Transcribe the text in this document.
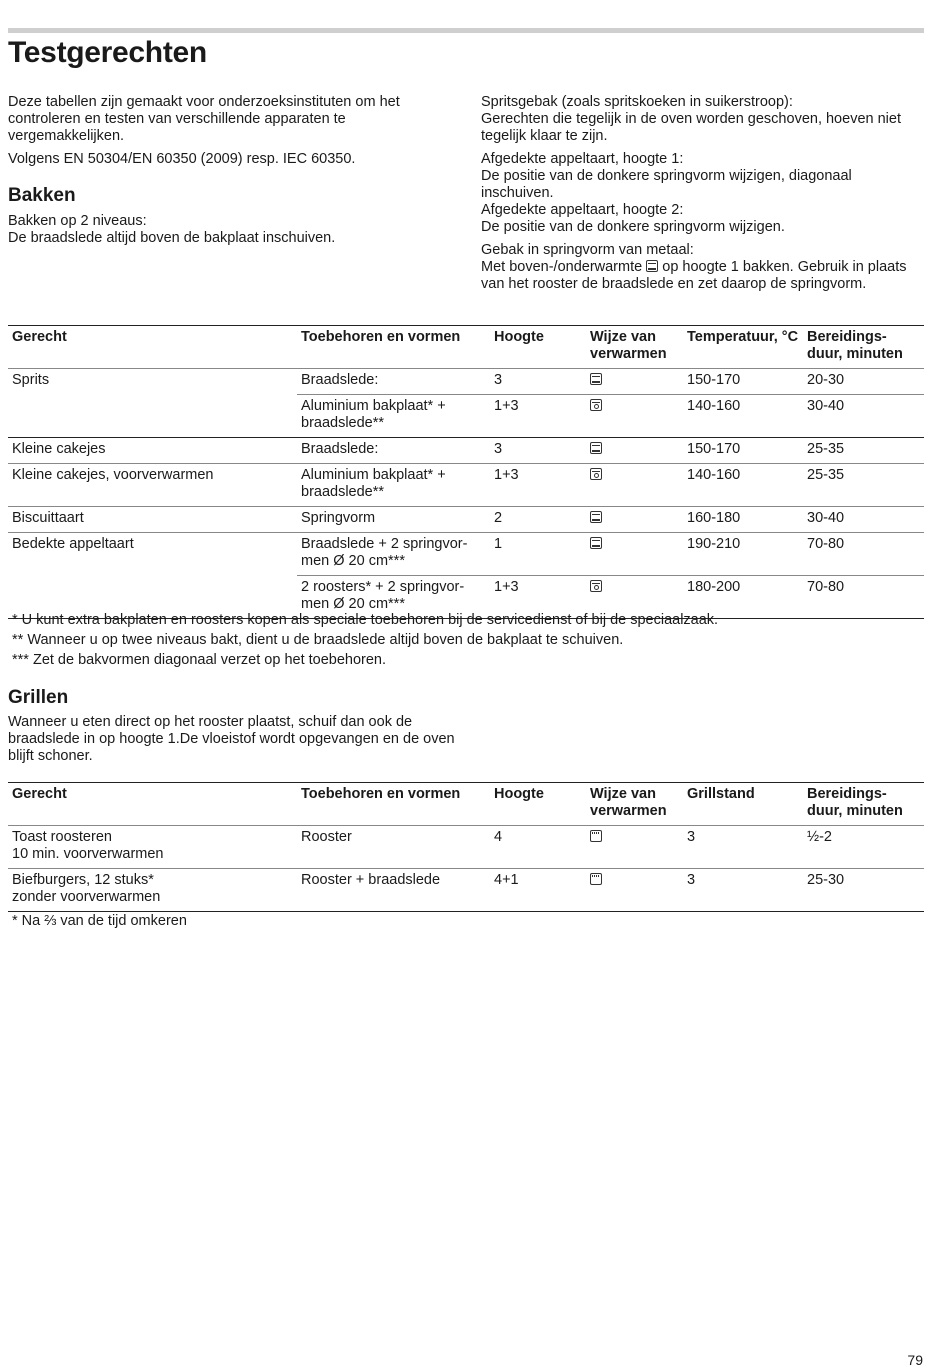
Testgerechten

Deze tabellen zijn gemaakt voor onderzoeksinstituten om het controleren en testen van verschillende apparaten te vergemakkelijken.

Volgens EN 50304/EN 60350 (2009) resp. IEC 60350.

Bakken

Bakken op 2 niveaus:

De braadslede altijd boven de bakplaat inschuiven.

Spritsgebak (zoals spritskoeken in suikerstroop):

Gerechten die tegelijk in de oven worden geschoven, hoeven niet tegelijk klaar te zijn.

Afgedekte appeltaart, hoogte 1:
De positie van de donkere springvorm wijzigen, diagonaal inschuiven.
Afgedekte appeltaart, hoogte 2:

De positie van de donkere springvorm wijzigen.

Gebak in springvorm van metaal:
Met boven-/onderwarmte op hoogte 1 bakken. Gebruik in plaats van het rooster de braadslede en zet daarop de springvorm.
Gerecht	Toebehoren en vormen	Hoogte	Wijze van verwarmen	Temperatuur, °C	Bereidings-duur, minuten
Sprits	Braadslede:	3		150-170	20-30
	Aluminium bakplaat* + braadslede**	1+3		140-160	30-40
Kleine cakejes	Braadslede:	3		150-170	25-35
Kleine cakejes, voorverwarmen	Aluminium bakplaat* + braadslede**	1+3		140-160	25-35
Biscuittaart	Springvorm	2		160-180	30-40
Bedekte appeltaart	Braadslede + 2 springvor-men Ø 20 cm***	1		190-210	70-80
	2 roosters* + 2 springvor-men Ø 20 cm***	1+3		180-200	70-80
* U kunt extra bakplaten en roosters kopen als speciale toebehoren bij de servicedienst of bij de speciaalzaak.
** Wanneer u op twee niveaus bakt, dient u de braadslede altijd boven de bakplaat te schuiven.
*** Zet de bakvormen diagonaal verzet op het toebehoren.
Grillen

Wanneer u eten direct op het rooster plaatst, schuif dan ook de braadslede in op hoogte 1.De vloeistof wordt opgevangen en de oven blijft schoner.

Gerecht	Toebehoren en vormen	Hoogte	Wijze van verwarmen	Grillstand	Bereidings-duur, minuten

Toast roosteren
10 min. voorverwarmen	Rooster	4		3	½-2

Biefburgers, 12 stuks*
zonder voorverwarmen	Rooster + braadslede	4+1		3	25-30
* Na ⅔ van de tijd omkeren
79
